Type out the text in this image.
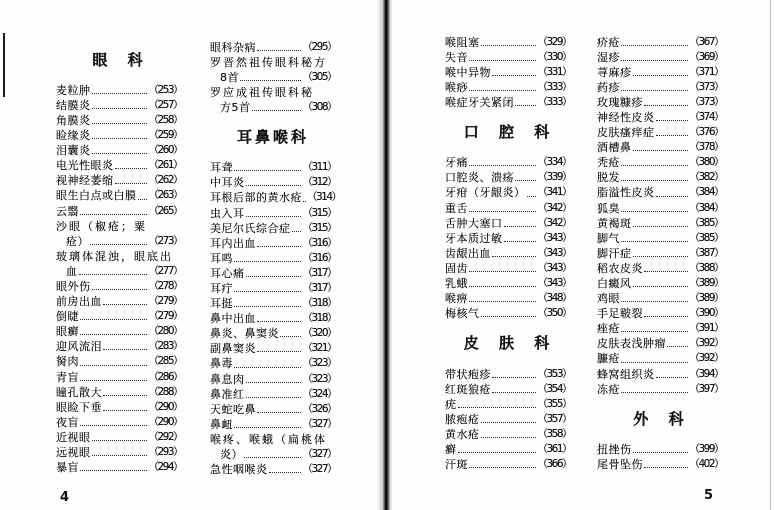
眼 科
麦粒肿	（253）
结膜炎	（257）
角膜炎	（258）
睑缘炎	（259）
泪囊炎	（260）
电光性眼炎	（261）
视神经萎缩	（262）
眼生白点或白膜 （263）
云翳	（265）
沙眼（椒疮；粟
疮）	（273）
玻璃体混浊，眼底出
血	（277）
眼外伤	（278）
前房出血	（279）
倒睫	（279）
眼癣	（280）
迎风流泪	（283）
胬肉	（285）
青盲	（286）
瞳孔散大	（288）
眼睑下垂	（290）
夜盲	（290）
近视眼	（292）
远视眼	（293）
暴盲	（294）
眼科杂病	（295）
罗晋然祖传眼科秘方
8首	（305）
罗应成祖传眼科秘
方5首	（308）
耳鼻喉科
耳聋	（311）
中耳炎	（312）
耳根后部的黄水疮 （314）
虫入耳	（315）
美尼尔氏综合症 （315）
耳内出血	（316）
耳鸣	（316）
耳心痛	（317）
耳疔	（317）
耳挺	（318）
鼻中出血	（318）
鼻炎、鼻窦炎 （320）
副鼻窦炎	（321）
鼻毒	（323）
鼻息肉	（323）
鼻准红	（324）
天蛇吃鼻	（326）
鼻衄	（327）
喉疼、喉蛾（扁桃体
炎）	（327）
急性咽喉炎	（327）
4
喉阻塞	（329）
失音	（330）
喉中异物	（331）
喉痧	（333）
喉症牙关紧闭 （333）
口 腔 科
牙痛	（334）
口腔炎、溃疡 （339）
牙疳（牙龈炎） （341）
重舌	（342）
舌肿大塞口	（342）
牙本质过敏	（343）
齿龈出血	（343）
固齿	（343）
乳蛾	（343）
喉痹	（348）
梅核气	（350）
皮 肤 科
带状疱疹	（353）
红斑狼疮	（354）
疣	（355）
脓疱疮	（357）
黄水疮	（358）
癣	（361）
汗斑	（366）
疥疮	（367）
湿疹	（369）
荨麻疹	（371）
药疹	（373）
玫瑰糠疹	（373）
神经性皮炎	（374）
皮肤瘙痒症	（376）
酒槽鼻	（378）
秃疮	（380）
脱发	（382）
脂溢性皮炎	（384）
狐臭	（384）
黄褐斑	（385）
脚气	（385）
脚汗症	（387）
稻农皮炎	（388）
白癜风	（389）
鸡眼	（389）
手足皲裂	（390）
痤疮	（391）
皮肤表浅肿瘤 （392）
臁疮	（392）
蜂窝组织炎	（394）
冻疮	（397）
外 科
扭挫伤	（399）
尾骨坠伤	（402）
5
